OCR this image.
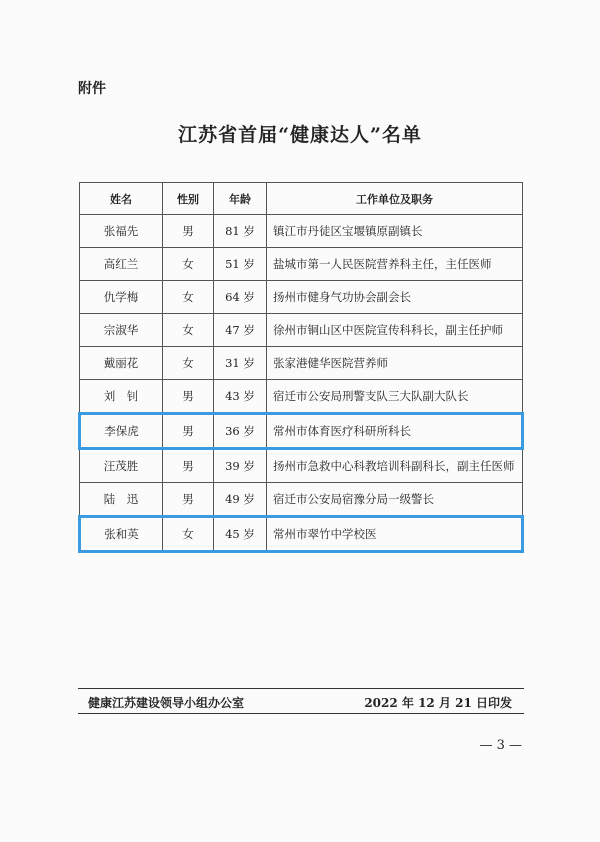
附件
江苏省首届“健康达人”名单
姓名	性别	年龄	工作单位及职务
张福先	男	81 岁	镇江市丹徒区宝堰镇原副镇长
高红兰	女	51 岁	盐城市第一人民医院营养科主任，主任医师
仇学梅	女	64 岁	扬州市健身气功协会副会长
宗淑华	女	47 岁	徐州市铜山区中医院宣传科科长，副主任护师
戴丽花	女	31 岁	张家港健华医院营养师
刘　钊	男	43 岁	宿迁市公安局刑警支队三大队副大队长
李保虎	男	36 岁	常州市体育医疗科研所科长
汪茂胜	男	39 岁	扬州市急救中心科教培训科副科长，副主任医师
陆　迅	男	49 岁	宿迁市公安局宿豫分局一级警长
张和英	女	45 岁	常州市翠竹中学校医
健康江苏建设领导小组办公室	2022 年 12 月 21 日印发
— 3 —
